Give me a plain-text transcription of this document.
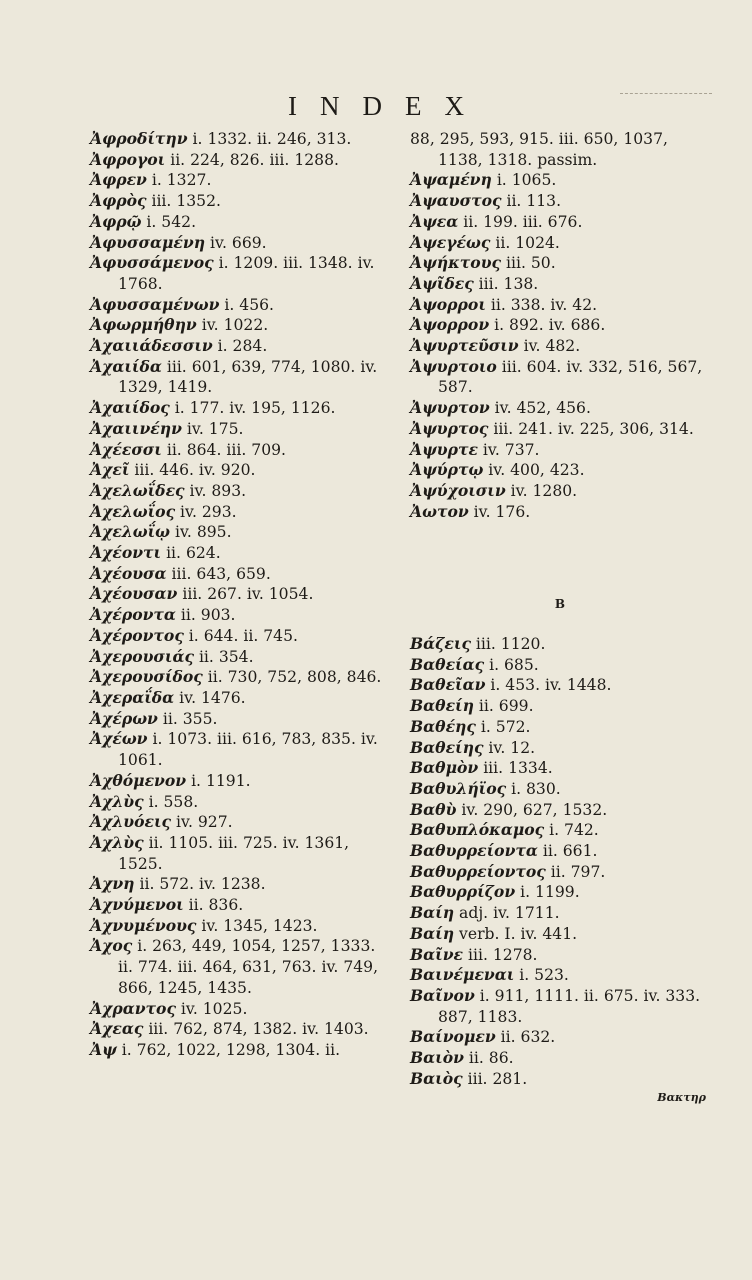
INDEX
Ἀφροδίτην i. 1332. ii. 246, 313.
Ἀφρογοι ii. 224, 826. iii. 1288.
Ἀφρεν i. 1327.
Ἀφρὸς iii. 1352.
Ἀφρῷ i. 542.
Ἀφυσσαμένη iv. 669.
Ἀφυσσάμενος i. 1209. iii. 1348. iv. 1768.
Ἀφυσσαμένων i. 456.
Ἀφωρμήθην iv. 1022.
Ἀχαιιάδεσσιν i. 284.
Ἀχαιίδα iii. 601, 639, 774, 1080. iv. 1329, 1419.
Ἀχαιίδος i. 177. iv. 195, 1126.
Ἀχαιινέην iv. 175.
Ἀχέεσσι ii. 864. iii. 709.
Ἀχεῖ iii. 446. iv. 920.
Ἀχελωΐδες iv. 893.
Ἀχελωΐος iv. 293.
Ἀχελωΐῳ iv. 895.
Ἀχέοντι ii. 624.
Ἀχέουσα iii. 643, 659.
Ἀχέουσαν iii. 267. iv. 1054.
Ἀχέροντα ii. 903.
Ἀχέροντος i. 644. ii. 745.
Ἀχερουσιάς ii. 354.
Ἀχερουσίδος ii. 730, 752, 808, 846.
Ἀχεραΐδα iv. 1476.
Ἀχέρων ii. 355.
Ἀχέων i. 1073. iii. 616, 783, 835. iv. 1061.
Ἀχθόμενον i. 1191.
Ἀχλὺς i. 558.
Ἀχλυόεις iv. 927.
Ἀχλὺς ii. 1105. iii. 725. iv. 1361, 1525.
Ἀχνη ii. 572. iv. 1238.
Ἀχνύμενοι ii. 836.
Ἀχνυμένους iv. 1345, 1423.
Ἀχος i. 263, 449, 1054, 1257, 1333. ii. 774. iii. 464, 631, 763. iv. 749, 866, 1245, 1435.
Ἀχραντος iv. 1025.
Ἀχεας iii. 762, 874, 1382. iv. 1403.
Ἀψ i. 762, 1022, 1298, 1304. ii.
88, 295, 593, 915. iii. 650, 1037, 1138, 1318. passim.
Ἀψαμένη i. 1065.
Ἀψαυστος ii. 113.
Ἀψεα ii. 199. iii. 676.
Ἀψεγέως ii. 1024.
Ἀψήκτους iii. 50.
Ἀψῖδες iii. 138.
Ἀψορροι ii. 338. iv. 42.
Ἀψορρον i. 892. iv. 686.
Ἀψυρτεῦσιν iv. 482.
Ἀψυρτοιο iii. 604. iv. 332, 516, 567, 587.
Ἀψυρτον iv. 452, 456.
Ἀψυρτος iii. 241. iv. 225, 306, 314.
Ἀψυρτε iv. 737.
Ἀψύρτῳ iv. 400, 423.
Ἀψύχοισιν iv. 1280.
Ἀωτον iv. 176.
B
Βάζεις iii. 1120.
Βαθείας i. 685.
Βαθεῖαν i. 453. iv. 1448.
Βαθείη ii. 699.
Βαθέης i. 572.
Βαθείης iv. 12.
Βαθμὸν iii. 1334.
Βαθυλήϊος i. 830.
Βαθὺ iv. 290, 627, 1532.
Βαθυπλόκαμος i. 742.
Βαθυρρείοντα ii. 661.
Βαθυρρείοντος ii. 797.
Βαθυρρίζον i. 1199.
Βαίη adj. iv. 1711.
Βαίη verb. I. iv. 441.
Βαῖνε iii. 1278.
Βαινέμεναι i. 523.
Βαῖνον i. 911, 1111. ii. 675. iv. 333. 887, 1183.
Βαίνομεν ii. 632.
Βαιὸν ii. 86.
Βαιὸς iii. 281.
Βακτηρ
